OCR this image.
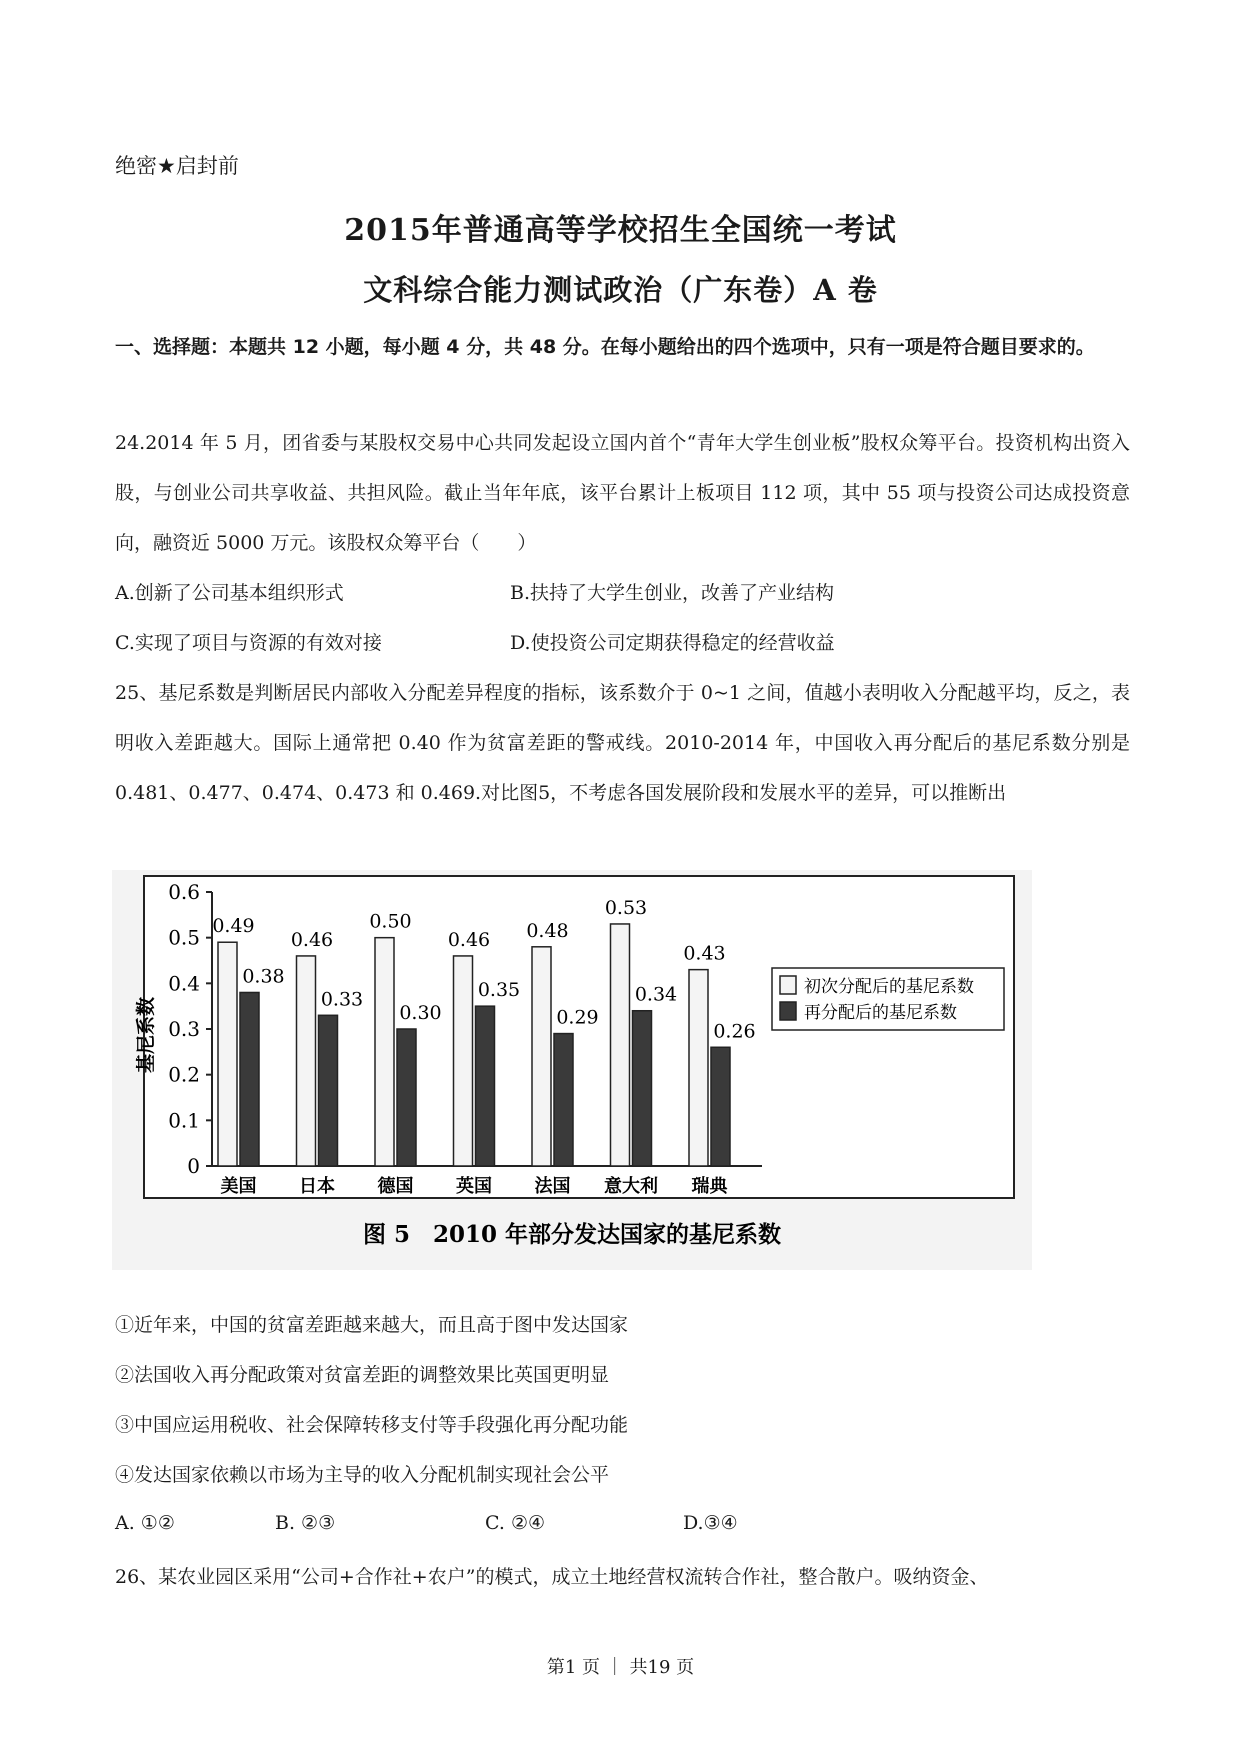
绝密★启封前
2015年普通高等学校招生全国统一考试
文科综合能力测试政治（广东卷）A 卷
一、选择题：本题共 12 小题，每小题 4 分，共 48 分。在每小题给出的四个选项中，只有一项是符合题目要求的。
24.2014 年 5 月，团省委与某股权交易中心共同发起设立国内首个“青年大学生创业板”股权众筹平台。投资机构出资入股，与创业公司共享收益、共担风险。截止当年年底，该平台累计上板项目 112 项，其中 55 项与投资公司达成投资意向，融资近 5000 万元。该股权众筹平台（　　）
A.创新了公司基本组织形式	B.扶持了大学生创业，改善了产业结构
C.实现了项目与资源的有效对接	D.使投资公司定期获得稳定的经营收益
25、基尼系数是判断居民内部收入分配差异程度的指标，该系数介于 0~1 之间，值越小表明收入分配越平均，反之，表明收入差距越大。国际上通常把 0.40 作为贫富差距的警戒线。2010-2014 年，中国收入再分配后的基尼系数分别是 0.481、0.477、0.474、0.473 和 0.469.对比图5，不考虑各国发展阶段和发展水平的差异，可以推断出
基尼系数
0
0.1
0.2
0.3
0.4
0.5
0.6
0.49
0.38
美国
0.46
0.33
日本
0.50
0.30
德国
0.46
0.35
英国
0.48
0.29
法国
0.53
0.34
意大利
0.43
0.26
瑞典
初次分配后的基尼系数
再分配后的基尼系数
图 5　2010 年部分发达国家的基尼系数
①近年来，中国的贫富差距越来越大，而且高于图中发达国家
②法国收入再分配政策对贫富差距的调整效果比英国更明显
③中国应运用税收、社会保障转移支付等手段强化再分配功能
④发达国家依赖以市场为主导的收入分配机制实现社会公平
A. ①②	B. ②③	C. ②④	D.③④
26、某农业园区采用“公司+合作社+农户”的模式，成立土地经营权流转合作社，整合散户。吸纳资金、
第1 页 ｜ 共19 页
